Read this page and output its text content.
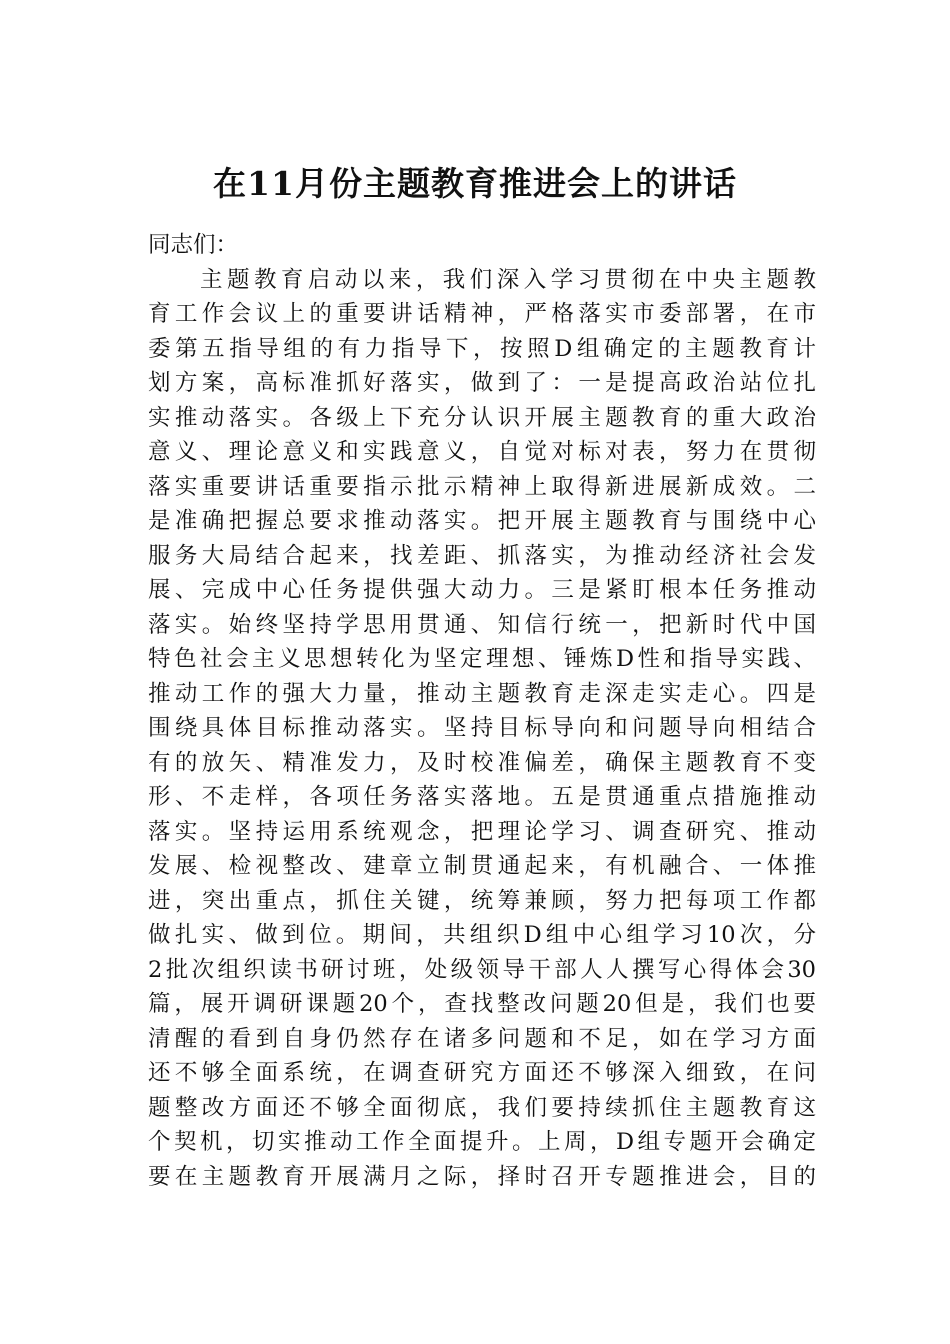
在11月份主题教育推进会上的讲话
同志们：
主题教育启动以来，我们深入学习贯彻在中央主题教
育工作会议上的重要讲话精神，严格落实市委部署，在市
委第五指导组的有力指导下，按照D组确定的主题教育计
划方案，高标准抓好落实，做到了：一是提高政治站位扎
实推动落实。各级上下充分认识开展主题教育的重大政治
意义、理论意义和实践意义，自觉对标对表，努力在贯彻
落实重要讲话重要指示批示精神上取得新进展新成效。二
是准确把握总要求推动落实。把开展主题教育与围绕中心
服务大局结合起来，找差距、抓落实，为推动经济社会发
展、完成中心任务提供强大动力。三是紧盯根本任务推动
落实。始终坚持学思用贯通、知信行统一，把新时代中国
特色社会主义思想转化为坚定理想、锤炼D性和指导实践、
推动工作的强大力量，推动主题教育走深走实走心。四是
围绕具体目标推动落实。坚持目标导向和问题导向相结合
有的放矢、精准发力，及时校准偏差，确保主题教育不变
形、不走样，各项任务落实落地。五是贯通重点措施推动
落实。坚持运用系统观念，把理论学习、调查研究、推动
发展、检视整改、建章立制贯通起来，有机融合、一体推
进，突出重点，抓住关键，统筹兼顾，努力把每项工作都
做扎实、做到位。期间，共组织D组中心组学习10次，分
2批次组织读书研讨班，处级领导干部人人撰写心得体会30
篇，展开调研课题20个，查找整改问题20但是，我们也要
清醒的看到自身仍然存在诸多问题和不足，如在学习方面
还不够全面系统，在调查研究方面还不够深入细致，在问
题整改方面还不够全面彻底，我们要持续抓住主题教育这
个契机，切实推动工作全面提升。上周，D组专题开会确定
要在主题教育开展满月之际，择时召开专题推进会，目的
